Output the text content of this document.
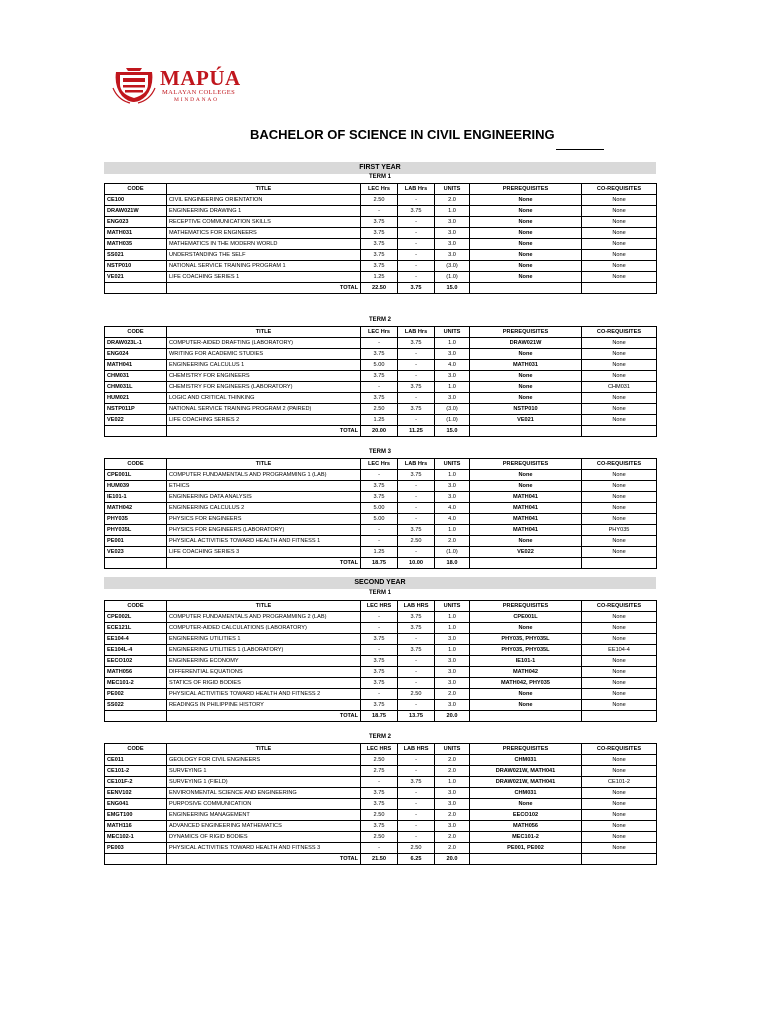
MAPÚA
MALAYAN COLLEGES
MINDANAO
BACHELOR OF SCIENCE IN CIVIL ENGINEERING
FIRST YEAR
SECOND YEAR
TERM 1
TERM 2
TERM 3
TERM 1
TERM 2
CODE	TITLE	LEC Hrs	LAB Hrs	UNITS	PREREQUISITES	CO-REQUISITES
CE100	CIVIL ENGINEERING ORIENTATION	2.50	-	2.0	None	None
DRAW021W	ENGINEERING DRAWING 1	-	3.75	1.0	None	None
ENG023	RECEPTIVE COMMUNICATION SKILLS	3.75	-	3.0	None	None
MATH031	MATHEMATICS FOR ENGINEERS	3.75	-	3.0	None	None
MATH035	MATHEMATICS IN THE MODERN WORLD	3.75	-	3.0	None	None
SS021	UNDERSTANDING THE SELF	3.75	-	3.0	None	None
NSTP010	NATIONAL SERVICE TRAINING PROGRAM 1	3.75	-	(3.0)	None	None
VE021	LIFE COACHING SERIES 1	1.25	-	(1.0)	None	None
	TOTAL	22.50	3.75	15.0		
CODE	TITLE	LEC Hrs	LAB Hrs	UNITS	PREREQUISITES	CO-REQUISITES
DRAW023L-1	COMPUTER-AIDED DRAFTING (LABORATORY)	-	3.75	1.0	DRAW021W	None
ENG024	WRITING FOR ACADEMIC STUDIES	3.75	-	3.0	None	None
MATH041	ENGINEERING CALCULUS 1	5.00	-	4.0	MATH031	None
CHM031	CHEMISTRY FOR ENGINEERS	3.75	-	3.0	None	None
CHM031L	CHEMISTRY FOR ENGINEERS (LABORATORY)	-	3.75	1.0	None	CHM031
HUM021	LOGIC AND CRITICAL THINKING	3.75	-	3.0	None	None
NSTP011P	NATIONAL SERVICE TRAINING PROGRAM 2 (PAIRED)	2.50	3.75	(3.0)	NSTP010	None
VE022	LIFE COACHING SERIES 2	1.25	-	(1.0)	VE021	None
	TOTAL	20.00	11.25	15.0		
CODE	TITLE	LEC Hrs	LAB Hrs	UNITS	PREREQUISITES	CO-REQUISITES
CPE001L	COMPUTER FUNDAMENTALS AND PROGRAMMING 1 (LAB)	-	3.75	1.0	None	None
HUM039	ETHICS	3.75	-	3.0	None	None
IE101-1	ENGINEERING DATA ANALYSIS	3.75	-	3.0	MATH041	None
MATH042	ENGINEERING CALCULUS 2	5.00	-	4.0	MATH041	None
PHY035	PHYSICS FOR ENGINEERS	5.00	-	4.0	MATH041	None
PHY035L	PHYSICS FOR ENGINEERS (LABORATORY)	-	3.75	1.0	MATH041	PHY035
PE001	PHYSICAL ACTIVITIES TOWARD HEALTH AND FITNESS 1	-	2.50	2.0	None	None
VE023	LIFE COACHING SERIES 3	1.25	-	(1.0)	VE022	None
	TOTAL	18.75	10.00	18.0		
CODE	TITLE	LEC HRS	LAB HRS	UNITS	PREREQUISITES	CO-REQUISITES
CPE002L	COMPUTER FUNDAMENTALS AND PROGRAMMING 2 (LAB)	-	3.75	1.0	CPE001L	None
ECE121L	COMPUTER-AIDED CALCULATIONS (LABORATORY)	-	3.75	1.0	None	None
EE104-4	ENGINEERING UTILITIES 1	3.75	-	3.0	PHY035, PHY035L	None
EE104L-4	ENGINEERING UTILITIES 1 (LABORATORY)	-	3.75	1.0	PHY035, PHY035L	EE104-4
EECO102	ENGINEERING ECONOMY	3.75	-	3.0	IE101-1	None
MATH056	DIFFERENTIAL EQUATIONS	3.75	-	3.0	MATH042	None
MEC101-2	STATICS OF RIGID BODIES	3.75	-	3.0	MATH042, PHY035	None
PE002	PHYSICAL ACTIVITIES TOWARD HEALTH AND FITNESS 2	-	2.50	2.0	None	None
SS022	READINGS IN PHILIPPINE HISTORY	3.75	-	3.0	None	None
	TOTAL	18.75	13.75	20.0		
CODE	TITLE	LEC HRS	LAB HRS	UNITS	PREREQUISITES	CO-REQUISITES
CE011	GEOLOGY FOR CIVIL ENGINEERS	2.50	-	2.0	CHM031	None
CE101-2	SURVEYING 1	2.75	-	2.0	DRAW021W, MATH041	None
CE101F-2	SURVEYING 1 (FIELD)	-	3.75	1.0	DRAW021W, MATH041	CE101-2
EENV102	ENVIRONMENTAL SCIENCE AND ENGINEERING	3.75	-	3.0	CHM031	None
ENG041	PURPOSIVE COMMUNICATION	3.75	-	3.0	None	None
EMGT100	ENGINEERING MANAGEMENT	2.50	-	2.0	EECO102	None
MATH116	ADVANCED ENGINEERING MATHEMATICS	3.75	-	3.0	MATH056	None
MEC102-1	DYNAMICS OF RIGID BODIES	2.50	-	2.0	MEC101-2	None
PE003	PHYSICAL ACTIVITIES TOWARD HEALTH AND FITNESS 3	-	2.50	2.0	PE001, PE002	None
	TOTAL	21.50	6.25	20.0		
